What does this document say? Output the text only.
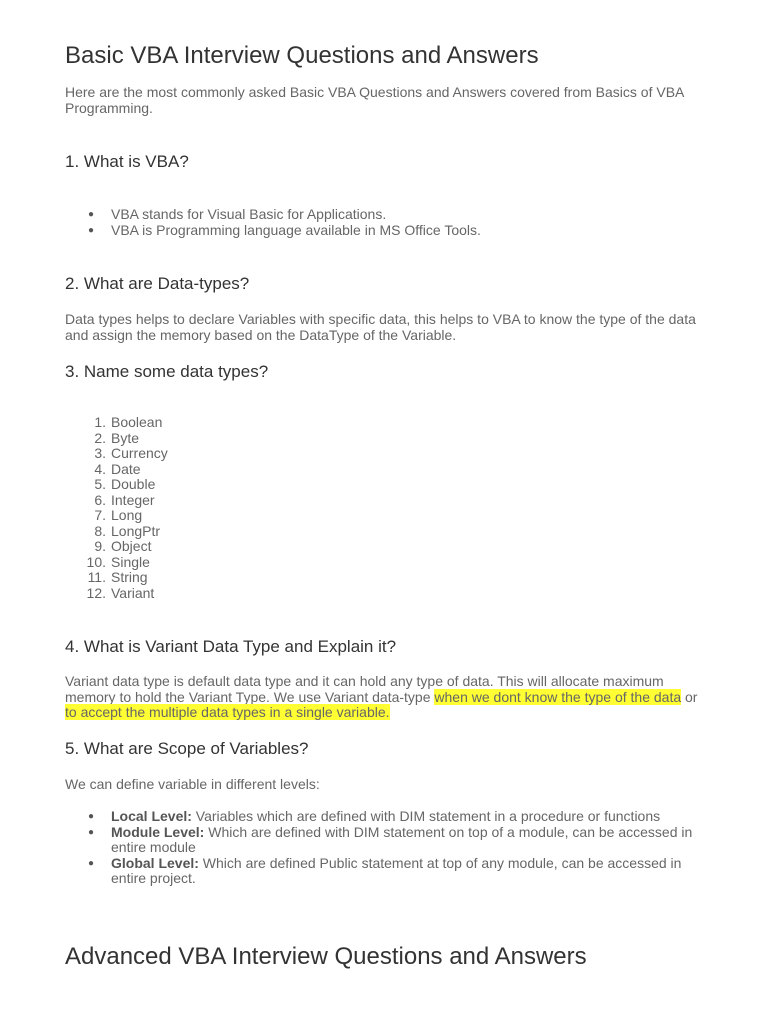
Basic VBA Interview Questions and Answers

Here are the most commonly asked Basic VBA Questions and Answers covered from Basics of VBA Programming.

1. What is VBA?
● VBA stands for Visual Basic for Applications.
● VBA is Programming language available in MS Office Tools.
2. What are Data-types?

Data types helps to declare Variables with specific data, this helps to VBA to know the type of the data and assign the memory based on the DataType of the Variable.

3. Name some data types?
1. Boolean
2. Byte
3. Currency
4. Date
5. Double
6. Integer
7. Long
8. LongPtr
9. Object
10. Single
11. String
12. Variant
4. What is Variant Data Type and Explain it?

Variant data type is default data type and it can hold any type of data. This will allocate maximum memory to hold the Variant Type. We use Variant data-type when we dont know the type of the data or to accept the multiple data types in a single variable.

5. What are Scope of Variables?

We can define variable in different levels:

● Local Level: Variables which are defined with DIM statement in a procedure or functions
● Module Level: Which are defined with DIM statement on top of a module, can be accessed in entire module
● Global Level: Which are defined Public statement at top of any module, can be accessed in entire project.
Advanced VBA Interview Questions and Answers
